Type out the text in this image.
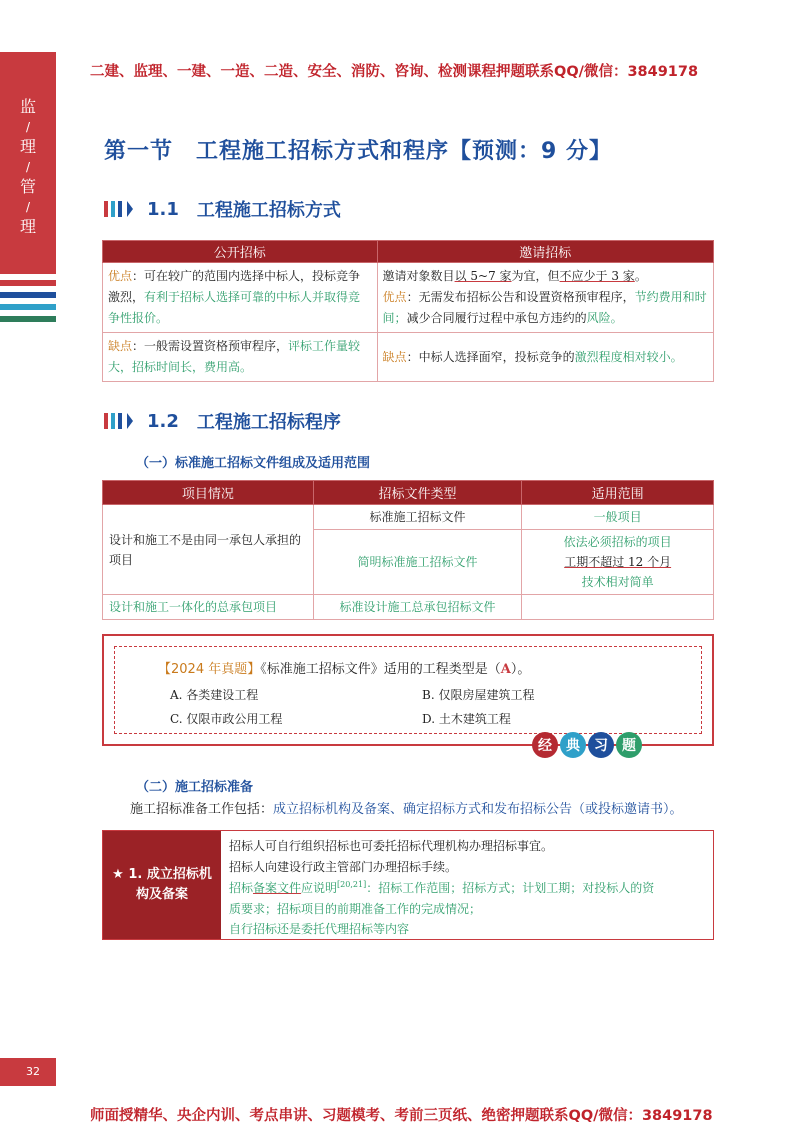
二建、监理、一建、一造、二造、安全、消防、咨询、检测课程押题联系QQ/微信：3849178
监
/
理
/
管
/
理
第一节　工程施工招标方式和程序【预测：9 分】
1.1 工程施工招标方式
公开招标	邀请招标
优点：可在较广的范围内选择中标人，投标竞争激烈，有利于招标人选择可靠的中标人并取得竞争性报价。	邀请对象数目以 5~7 家为宜，但不应少于 3 家。
优点：无需发布招标公告和设置资格预审程序，节约费用和时间；减少合同履行过程中承包方违约的风险。
缺点：一般需设置资格预审程序，评标工作量较大，招标时间长，费用高。	缺点：中标人选择面窄，投标竞争的激烈程度相对较小。
1.2 工程施工招标程序
（一）标准施工招标文件组成及适用范围
项目情况	招标文件类型	适用范围
设计和施工不是由同一承包人承担的项目	标准施工招标文件	一般项目
	简明标准施工招标文件	依法必须招标的项目
工期不超过 12 个月
技术相对简单
设计和施工一体化的总承包项目	标准设计施工总承包招标文件	
【2024 年真题】《标准施工招标文件》适用的工程类型是（A）。
A. 各类建设工程	B. 仅限房屋建筑工程
C. 仅限市政公用工程	D. 土木建筑工程
经	典	习	题
（二）施工招标准备
施工招标准备工作包括：成立招标机构及备案、确定招标方式和发布招标公告（或投标邀请书）。
★ 1. 成立招标机构及备案
招标人可自行组织招标也可委托招标代理机构办理招标事宜。
招标人向建设行政主管部门办理招标手续。
招标备案文件应说明[20,21]：招标工作范围；招标方式；计划工期；对投标人的资
质要求；招标项目的前期准备工作的完成情况；
自行招标还是委托代理招标等内容
32
师面授精华、央企内训、考点串讲、习题模考、考前三页纸、绝密押题联系QQ/微信：3849178
